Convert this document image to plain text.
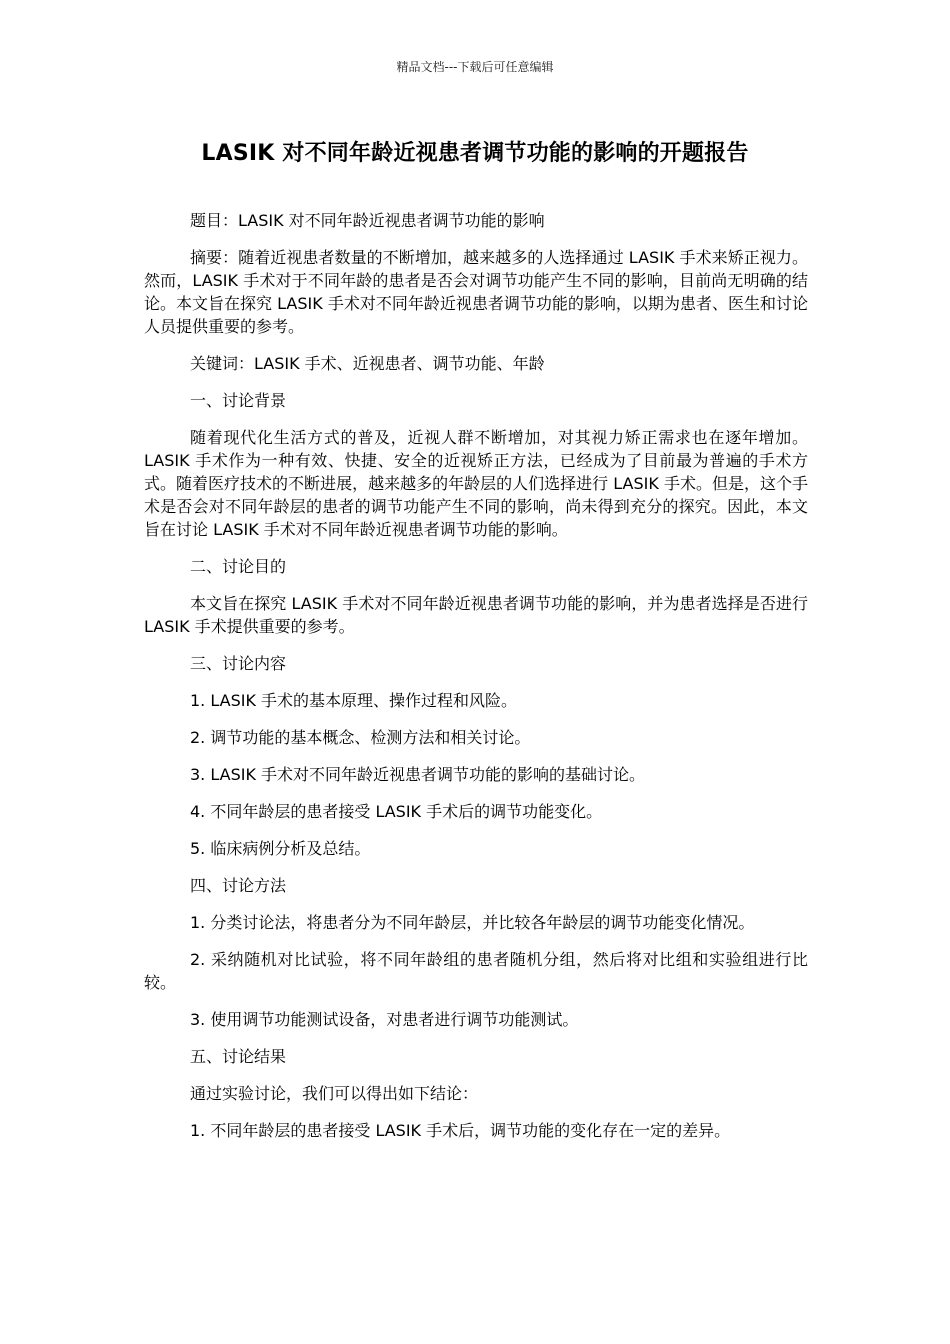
精品文档---下载后可任意编辑
LASIK 对不同年龄近视患者调节功能的影响的开题报告

题目：LASIK 对不同年龄近视患者调节功能的影响

摘要：随着近视患者数量的不断增加，越来越多的人选择通过 LASIK 手术来矫正视力。然而，LASIK 手术对于不同年龄的患者是否会对调节功能产生不同的影响，目前尚无明确的结论。本文旨在探究 LASIK 手术对不同年龄近视患者调节功能的影响，以期为患者、医生和讨论人员提供重要的参考。

关键词：LASIK 手术、近视患者、调节功能、年龄

一、讨论背景

随着现代化生活方式的普及，近视人群不断增加，对其视力矫正需求也在逐年增加。LASIK 手术作为一种有效、快捷、安全的近视矫正方法，已经成为了目前最为普遍的手术方式。随着医疗技术的不断进展，越来越多的年龄层的人们选择进行 LASIK 手术。但是，这个手术是否会对不同年龄层的患者的调节功能产生不同的影响，尚未得到充分的探究。因此，本文旨在讨论 LASIK 手术对不同年龄近视患者调节功能的影响。

二、讨论目的

本文旨在探究 LASIK 手术对不同年龄近视患者调节功能的影响，并为患者选择是否进行 LASIK 手术提供重要的参考。

三、讨论内容

1. LASIK 手术的基本原理、操作过程和风险。

2. 调节功能的基本概念、检测方法和相关讨论。

3. LASIK 手术对不同年龄近视患者调节功能的影响的基础讨论。

4. 不同年龄层的患者接受 LASIK 手术后的调节功能变化。

5. 临床病例分析及总结。

四、讨论方法

1. 分类讨论法，将患者分为不同年龄层，并比较各年龄层的调节功能变化情况。

2. 采纳随机对比试验，将不同年龄组的患者随机分组，然后将对比组和实验组进行比较。

3. 使用调节功能测试设备，对患者进行调节功能测试。

五、讨论结果

通过实验讨论，我们可以得出如下结论：

1. 不同年龄层的患者接受 LASIK 手术后，调节功能的变化存在一定的差异。
